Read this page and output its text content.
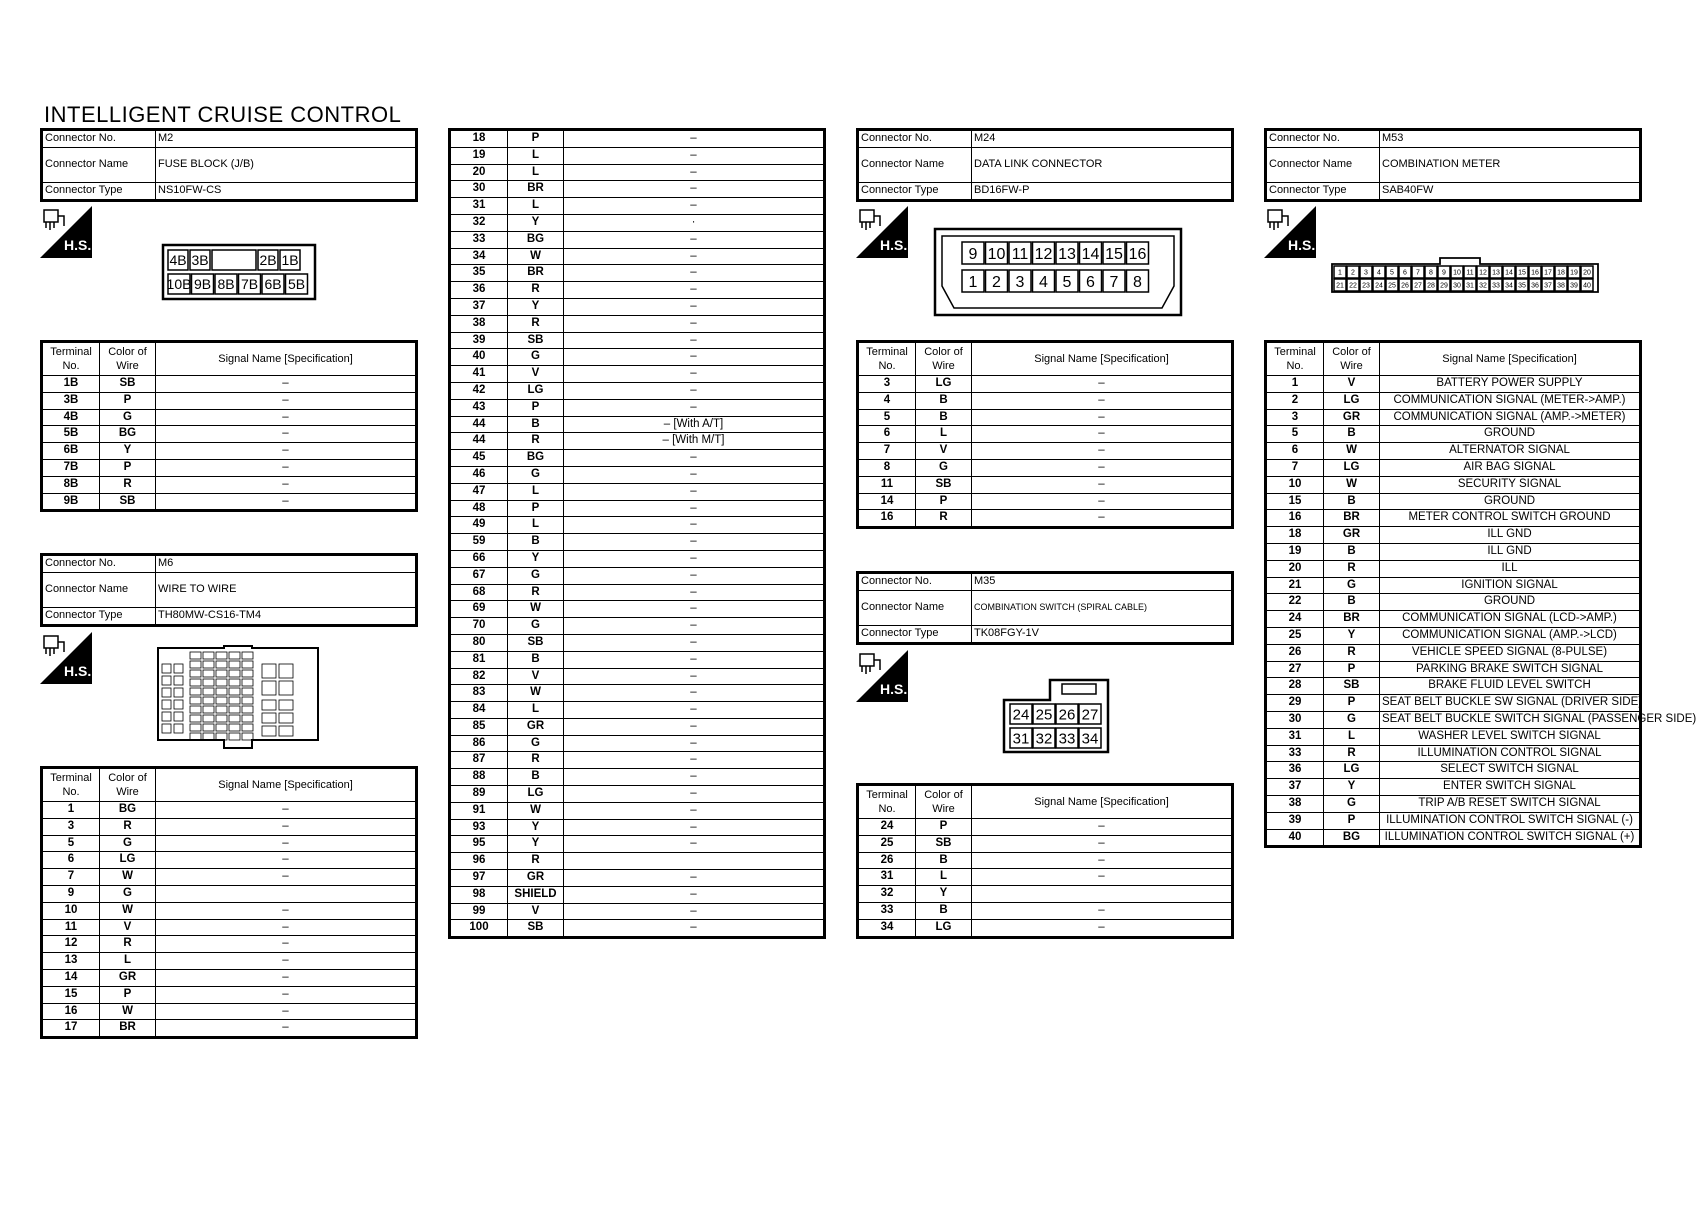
INTELLIGENT CRUISE CONTROL
Connector No.	M2
Connector Name	FUSE BLOCK (J/B)
Connector Type	NS10FW-CS
H.S.
4B 3B	2B 1B
10B 9B 8B 7B 6B 5B
Terminal No.	Color of Wire	Signal Name [Specification]
1B	SB	–
3B	P	–
4B	G	–
5B	BG	–
6B	Y	–
7B	P	–
8B	R	–
9B	SB	–
Connector No.	M6
Connector Name	WIRE TO WIRE
Connector Type	TH80MW-CS16-TM4
H.S.
Terminal No.	Color of Wire	Signal Name [Specification]
1	BG	–
3	R	–
5	G	–
6	LG	–
7	W	–
9	G	
10	W	–
11	V	–
12	R	–
13	L	–
14	GR	–
15	P	–
16	W	–
17	BR	–
18	P	–
19	L	–
20	L	–
30	BR	–
31	L	–
32	Y	·
33	BG	–
34	W	–
35	BR	–
36	R	–
37	Y	–
38	R	–
39	SB	–
40	G	–
41	V	–
42	LG	–
43	P	–
44	B	– [With A/T]
44	R	– [With M/T]
45	BG	–
46	G	–
47	L	–
48	P	–
49	L	–
59	B	–
66	Y	–
67	G	–
68	R	–
69	W	–
70	G	–
80	SB	–
81	B	–
82	V	–
83	W	–
84	L	–
85	GR	–
86	G	–
87	R	–
88	B	–
89	LG	–
91	W	–
93	Y	–
95	Y	–
96	R	
97	GR	–
98	SHIELD	–
99	V	–
100	SB	–
Connector No.	M24
Connector Name	DATA LINK CONNECTOR
Connector Type	BD16FW-P
H.S.
9 10 11 12 13 14 15 16
1 2 3 4 5 6 7 8
Terminal No.	Color of Wire	Signal Name [Specification]
3	LG	–
4	B	–
5	B	–
6	L	–
7	V	–
8	G	–
11	SB	–
14	P	–
16	R	–
Connector No.	M35
Connector Name	COMBINATION SWITCH (SPIRAL CABLE)
Connector Type	TK08FGY-1V
H.S.
24 25 26 27
31 32 33 34
Terminal No.	Color of Wire	Signal Name [Specification]
24	P	–
25	SB	–
26	B	–
31	L	–
32	Y	
33	B	–
34	LG	–
Connector No.	M53
Connector Name	COMBINATION METER
Connector Type	SAB40FW
H.S.
1 2 3 4 5 6 7 8 9 10 11 12 13 14 15 16 17 18 19 20
21 22 23 24 25 26 27 28 29 30 31 32 33 34 35 36 37 38 39 40
Terminal No.	Color of Wire	Signal Name [Specification]
1	V	BATTERY POWER SUPPLY
2	LG	COMMUNICATION SIGNAL (METER->AMP.)
3	GR	COMMUNICATION SIGNAL (AMP.->METER)
5	B	GROUND
6	W	ALTERNATOR SIGNAL
7	LG	AIR BAG SIGNAL
10	W	SECURITY SIGNAL
15	B	GROUND
16	BR	METER CONTROL SWITCH GROUND
18	GR	ILL GND
19	B	ILL GND
20	R	ILL
21	G	IGNITION SIGNAL
22	B	GROUND
24	BR	COMMUNICATION SIGNAL (LCD->AMP.)
25	Y	COMMUNICATION SIGNAL (AMP.->LCD)
26	R	VEHICLE SPEED SIGNAL (8-PULSE)
27	P	PARKING BRAKE SWITCH SIGNAL
28	SB	BRAKE FLUID LEVEL SWITCH
29	P	SEAT BELT BUCKLE SW SIGNAL (DRIVER SIDE)
30	G	SEAT BELT BUCKLE SWITCH SIGNAL (PASSENGER SIDE)
31	L	WASHER LEVEL SWITCH SIGNAL
33	R	ILLUMINATION CONTROL SIGNAL
36	LG	SELECT SWITCH SIGNAL
37	Y	ENTER SWITCH SIGNAL
38	G	TRIP A/B RESET SWITCH SIGNAL
39	P	ILLUMINATION CONTROL SWITCH SIGNAL (-)
40	BG	ILLUMINATION CONTROL SWITCH SIGNAL (+)
